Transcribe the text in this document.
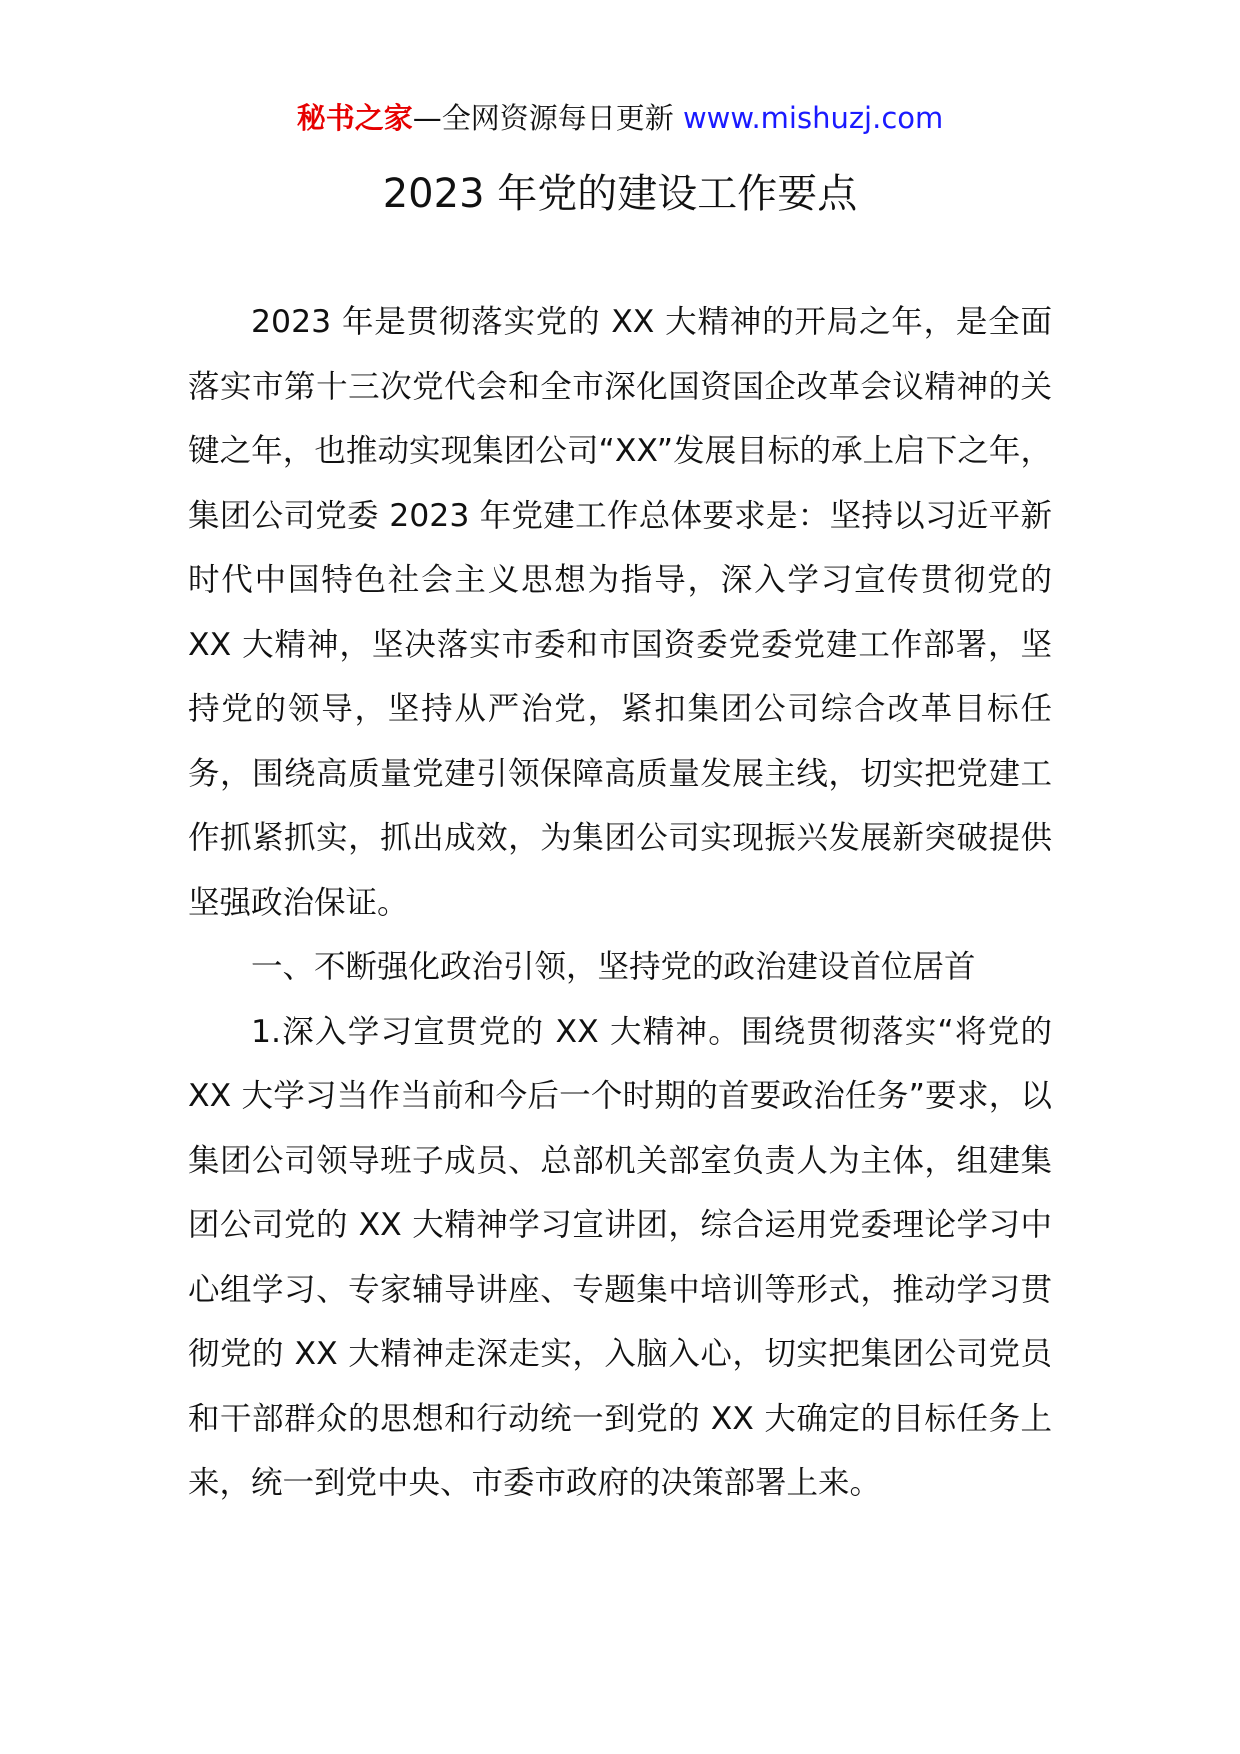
秘书之家—全网资源每日更新 www.mishuzj.com
2023 年党的建设工作要点

2023 年是贯彻落实党的 XX 大精神的开局之年，是全面落实市第十三次党代会和全市深化国资国企改革会议精神的关键之年，也推动实现集团公司“XX”发展目标的承上启下之年，集团公司党委 2023 年党建工作总体要求是：坚持以习近平新时代中国特色社会主义思想为指导，深入学习宣传贯彻党的 XX 大精神，坚决落实市委和市国资委党委党建工作部署，坚持党的领导，坚持从严治党，紧扣集团公司综合改革目标任务，围绕高质量党建引领保障高质量发展主线，切实把党建工作抓紧抓实，抓出成效，为集团公司实现振兴发展新突破提供坚强政治保证。

一、不断强化政治引领，坚持党的政治建设首位居首

1.深入学习宣贯党的 XX 大精神。围绕贯彻落实“将党的 XX 大学习当作当前和今后一个时期的首要政治任务”要求，以集团公司领导班子成员、总部机关部室负责人为主体，组建集团公司党的 XX 大精神学习宣讲团，综合运用党委理论学习中心组学习、专家辅导讲座、专题集中培训等形式，推动学习贯彻党的 XX 大精神走深走实，入脑入心，切实把集团公司党员和干部群众的思想和行动统一到党的 XX 大确定的目标任务上来，统一到党中央、市委市政府的决策部署上来。
